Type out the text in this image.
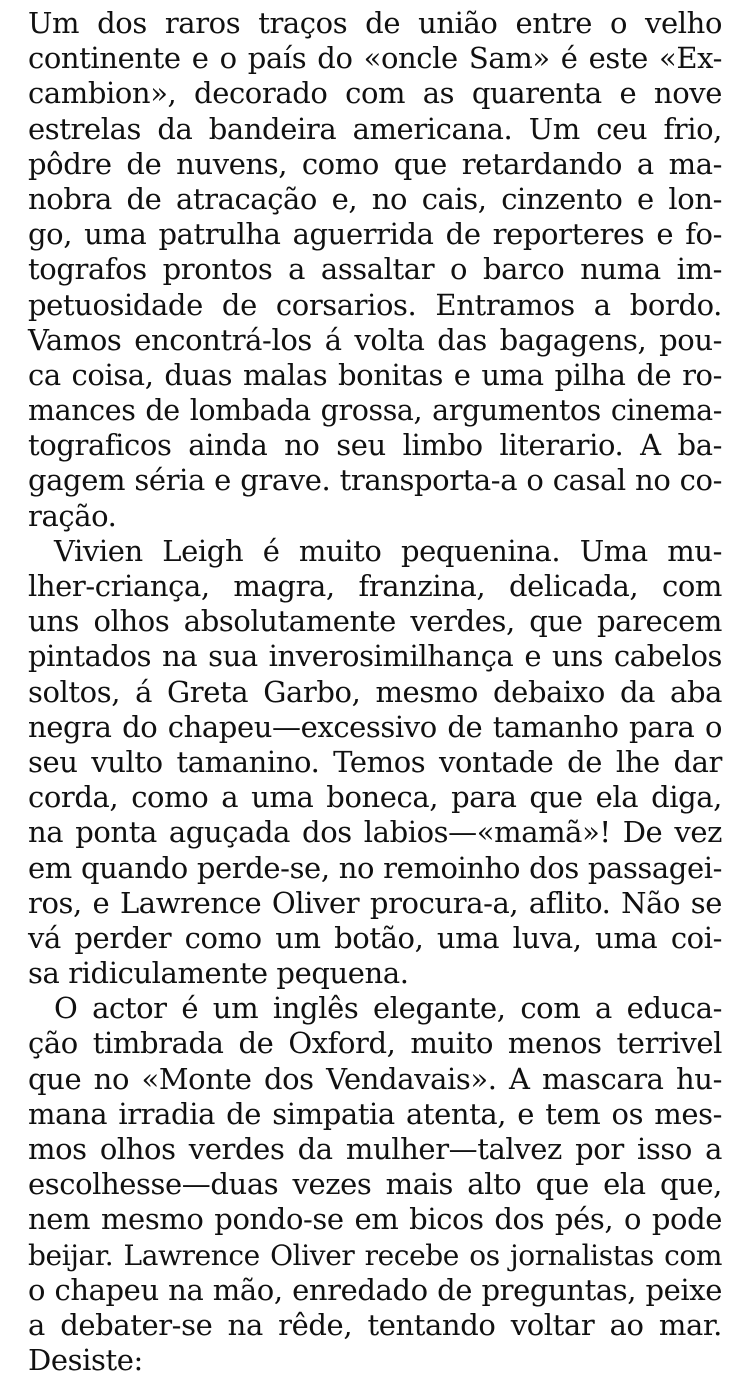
Um dos raros traços de união entre o velho
continente e o país do «oncle Sam» é este «Ex-
cambion», decorado com as quarenta e nove
estrelas da bandeira americana. Um ceu frio,
pôdre de nuvens, como que retardando a ma-
nobra de atracação e, no cais, cinzento e lon-
go, uma patrulha aguerrida de reporteres e fo-
tografos prontos a assaltar o barco numa im-
petuosidade de corsarios. Entramos a bordo.
Vamos encontrá-los á volta das bagagens, pou-
ca coisa, duas malas bonitas e uma pilha de ro-
mances de lombada grossa, argumentos cinema-
tograficos ainda no seu limbo literario. A ba-
gagem séria e grave. transporta-a o casal no co-
ração.
Vivien Leigh é muito pequenina. Uma mu-
lher-criança, magra, franzina, delicada, com
uns olhos absolutamente verdes, que parecem
pintados na sua inverosimilhança e uns cabelos
soltos, á Greta Garbo, mesmo debaixo da aba
negra do chapeu—excessivo de tamanho para o
seu vulto tamanino. Temos vontade de lhe dar
corda, como a uma boneca, para que ela diga,
na ponta aguçada dos labios—«mamã»! De vez
em quando perde-se, no remoinho dos passagei-
ros, e Lawrence Oliver procura-a, aflito. Não se
vá perder como um botão, uma luva, uma coi-
sa ridiculamente pequena.
O actor é um inglês elegante, com a educa-
ção timbrada de Oxford, muito menos terrivel
que no «Monte dos Vendavais». A mascara hu-
mana irradia de simpatia atenta, e tem os mes-
mos olhos verdes da mulher—talvez por isso a
escolhesse—duas vezes mais alto que ela que,
nem mesmo pondo-se em bicos dos pés, o pode
beijar. Lawrence Oliver recebe os jornalistas com
o chapeu na mão, enredado de preguntas, peixe
a debater-se na rêde, tentando voltar ao mar.
Desiste:
